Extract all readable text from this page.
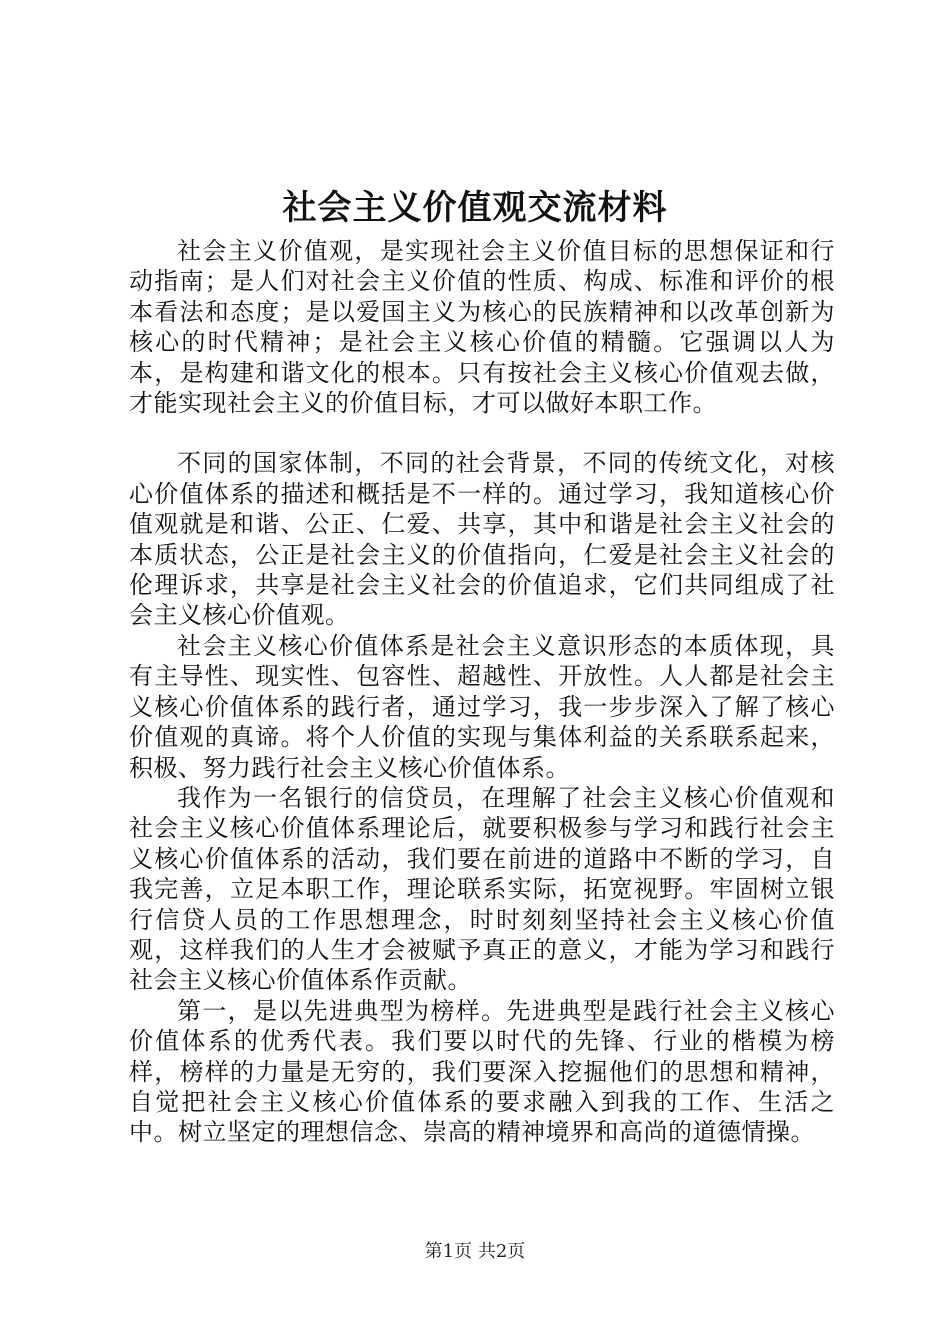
社会主义价值观交流材料

社会主义价值观，是实现社会主义价值目标的思想保证和行动指南；是人们对社会主义价值的性质、构成、标准和评价的根本看法和态度；是以爱国主义为核心的民族精神和以改革创新为核心的时代精神；是社会主义核心价值的精髓。它强调以人为本，是构建和谐文化的根本。只有按社会主义核心价值观去做，才能实现社会主义的价值目标，才可以做好本职工作。

不同的国家体制，不同的社会背景，不同的传统文化，对核心价值体系的描述和概括是不一样的。通过学习，我知道核心价值观就是和谐、公正、仁爱、共享，其中和谐是社会主义社会的本质状态，公正是社会主义的价值指向，仁爱是社会主义社会的伦理诉求，共享是社会主义社会的价值追求，它们共同组成了社会主义核心价值观。

社会主义核心价值体系是社会主义意识形态的本质体现，具有主导性、现实性、包容性、超越性、开放性。人人都是社会主义核心价值体系的践行者，通过学习，我一步步深入了解了核心价值观的真谛。将个人价值的实现与集体利益的关系联系起来，积极、努力践行社会主义核心价值体系。

我作为一名银行的信贷员，在理解了社会主义核心价值观和社会主义核心价值体系理论后，就要积极参与学习和践行社会主义核心价值体系的活动，我们要在前进的道路中不断的学习，自我完善，立足本职工作，理论联系实际，拓宽视野。牢固树立银行信贷人员的工作思想理念，时时刻刻坚持社会主义核心价值观，这样我们的人生才会被赋予真正的意义，才能为学习和践行社会主义核心价值体系作贡献。

第一，是以先进典型为榜样。先进典型是践行社会主义核心价值体系的优秀代表。我们要以时代的先锋、行业的楷模为榜样，榜样的力量是无穷的，我们要深入挖掘他们的思想和精神，自觉把社会主义核心价值体系的要求融入到我的工作、生活之中。树立坚定的理想信念、崇高的精神境界和高尚的道德情操。

第1页 共2页
